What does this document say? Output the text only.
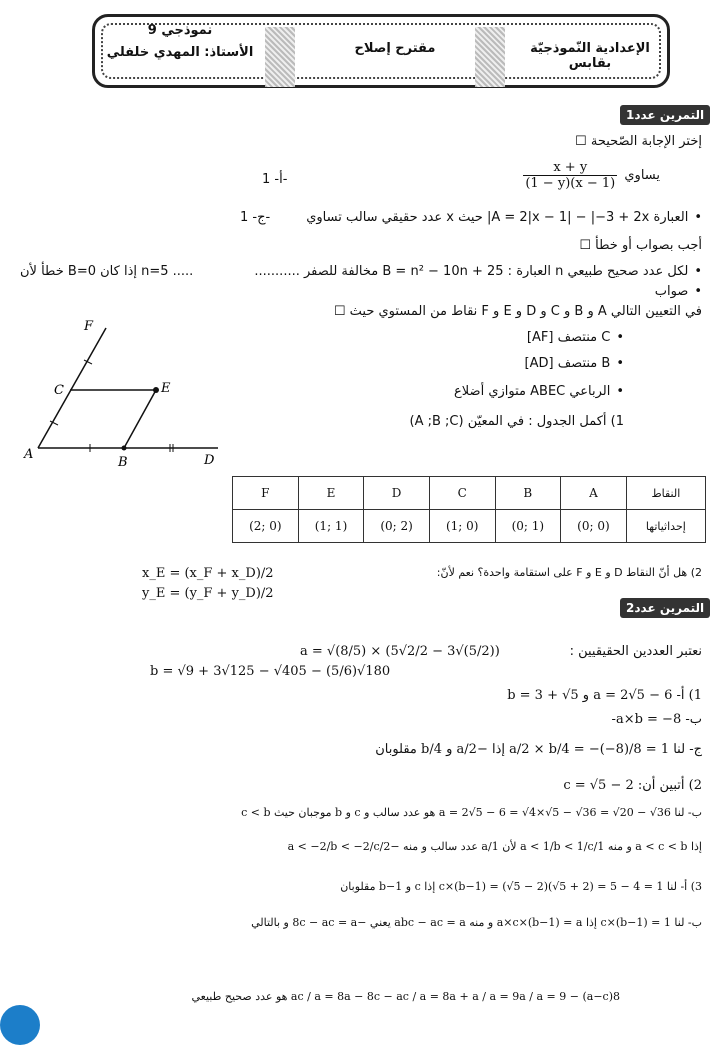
الإعدادية النّموذجيّة بقابس
مقترح إصلاح
9 نموذجي
الأستاذ: المهدي خلفلي
التمرين عدد1
إختر الإجابة الصّحيحة ☐
يساوي
$\frac{x + y}{(1 - x)(1 - y)}$
أ- 1-
• العبارة A = 2|x − 1| − |−3 + 2x| حيث x عدد حقيقي سالب تساوي
ج- 1-
أجب بصواب أو خطأ ☐
• لكل عدد صحيح طبيعي n العبارة : B = n² − 10n + 25 مخالفة للصفر ...........
خطأ لأن B=0 إذا كان n=5 .....
• صواب
في التعيين التالي A و B و C و D و E و F نقاط من المستوي حيث ☐
• C منتصف [AF]
• B منتصف [AD]
• الرباعي ABEC متوازي أضلاع
1) أكمل الجدول : في المعيّن (A ;B ;C)
A
B
C
D
E
F
النقاط	A	B	C	D	E	F
إحداثياتها	(0 ;0)	(1 ;0)	(0 ;1)	(2 ;0)	(1 ;1)	(0 ;2)
2) هل أنّ النقاط D و E و F على استقامة واحدة؟ نعم لأنّ:
x_E = (x_F + x_D)/2
y_E = (y_F + y_D)/2
التمرين عدد2
نعتبر العددين الحقيقيين :
a = √(8/5) × (5√2/2 − 3√(5/2))
b = √9 + 3√125 − √405 − (5/6)√180
1) أ- a = 2√5 − 6 و b = 3 + √5
ب- a×b = −8-
ج- لنا a/2 × b/4 = −(−8)/8 = 1 إذا −a/2 و b/4 مقلوبان
2) أتبين أن: c = √5 − 2
ب- لنا a = 2√5 − 6 = √4×√5 − √36 = √20 − √36 هو عدد سالب و c و b موجبان حيث c < b
إذا a < c < b و منه 1/a < 1/b < 1/c لأن 1/a عدد سالب و منه −2/a < −2/b < −2/c
3) أ- لنا c×(b−1) = (√5 − 2)(√5 + 2) = 5 − 4 = 1 إذا c و b−1 مقلوبان
ب- لنا c×(b−1) = 1 إذا a×c×(b−1) = a و منه abc − ac = a يعني −8c − ac = a و بالتالي
8(a−c) − ac / a = 8a − 8c − ac / a = 8a + a / a = 9a / a = 9 هو عدد صحيح طبيعي
